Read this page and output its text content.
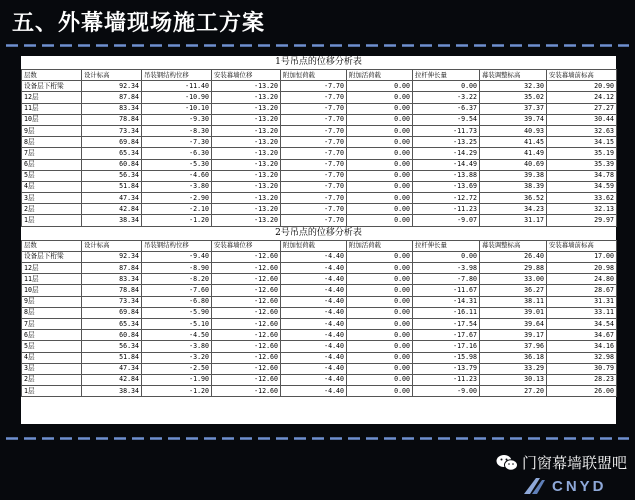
五、外幕墙现场施工方案
1号吊点的位移分析表
层数	设计标高	吊装钢结构位移	安装幕墙位移	附加恒荷载	附加活荷载	拉杆伸长量	幕装调整标高	安装幕墙前标高
设备层下桁梁	92.34	-11.40	-13.20	-7.70	0.00	0.00	32.30	20.90
12层	87.84	-10.90	-13.20	-7.70	0.00	-3.22	35.02	24.12
11层	83.34	-10.10	-13.20	-7.70	0.00	-6.37	37.37	27.27
10层	78.84	-9.30	-13.20	-7.70	0.00	-9.54	39.74	30.44
9层	73.34	-8.30	-13.20	-7.70	0.00	-11.73	40.93	32.63
8层	69.84	-7.30	-13.20	-7.70	0.00	-13.25	41.45	34.15
7层	65.34	-6.30	-13.20	-7.70	0.00	-14.29	41.49	35.19
6层	60.84	-5.30	-13.20	-7.70	0.00	-14.49	40.69	35.39
5层	56.34	-4.60	-13.20	-7.70	0.00	-13.88	39.38	34.78
4层	51.84	-3.80	-13.20	-7.70	0.00	-13.69	38.39	34.59
3层	47.34	-2.90	-13.20	-7.70	0.00	-12.72	36.52	33.62
2层	42.84	-2.10	-13.20	-7.70	0.00	-11.23	34.23	32.13
1层	38.34	-1.20	-13.20	-7.70	0.00	-9.07	31.17	29.97
2号吊点的位移分析表
层数	设计标高	吊装钢结构位移	安装幕墙位移	附加恒荷载	附加活荷载	拉杆伸长量	幕装调整标高	安装幕墙前标高
设备层下桁梁	92.34	-9.40	-12.60	-4.40	0.00	0.00	26.40	17.00
12层	87.84	-8.90	-12.60	-4.40	0.00	-3.98	29.88	20.98
11层	83.34	-8.20	-12.60	-4.40	0.00	-7.80	33.00	24.80
10层	78.84	-7.60	-12.60	-4.40	0.00	-11.67	36.27	28.67
9层	73.34	-6.80	-12.60	-4.40	0.00	-14.31	38.11	31.31
8层	69.84	-5.90	-12.60	-4.40	0.00	-16.11	39.01	33.11
7层	65.34	-5.10	-12.60	-4.40	0.00	-17.54	39.64	34.54
6层	60.84	-4.50	-12.60	-4.40	0.00	-17.67	39.17	34.67
5层	56.34	-3.80	-12.60	-4.40	0.00	-17.16	37.96	34.16
4层	51.84	-3.20	-12.60	-4.40	0.00	-15.98	36.18	32.98
3层	47.34	-2.50	-12.60	-4.40	0.00	-13.79	33.29	30.79
2层	42.84	-1.90	-12.60	-4.40	0.00	-11.23	30.13	28.23
1层	38.34	-1.20	-12.60	-4.40	0.00	-9.00	27.20	26.00
门窗幕墙联盟吧
CNYD
